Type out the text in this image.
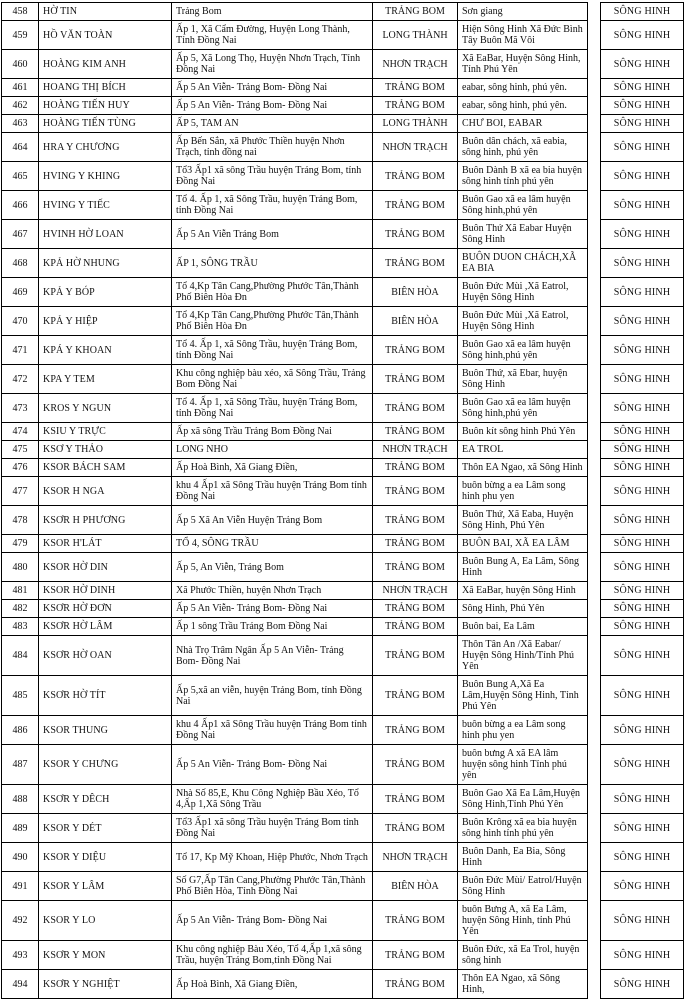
458	HỜ TIN	Trảng Bom	TRẢNG BOM	Sơn giang		SÔNG HINH
459	HỒ VĂN TOÀN	Ấp 1, Xã Cẩm Đường, Huyện Long Thành, Tỉnh Đồng Nai	LONG THÀNH	Hiện Sông Hinh Xã Đức Bình Tây Buôn Mã Vôi		SÔNG HINH
460	HOÀNG KIM ANH	Ấp 5, Xã Long Thọ, Huyện Nhơn Trạch, Tỉnh Đồng Nai	NHƠN TRẠCH	Xã EaBar, Huyện Sông Hinh, Tỉnh Phú Yên		SÔNG HINH
461	HOANG THỊ BÍCH	Ấp 5 An Viễn- Trảng Bom- Đồng Nai	TRẢNG BOM	eabar, sông hinh, phú yên.		SÔNG HINH
462	HOÀNG TIẾN HUY	Ấp 5 An Viễn- Trảng Bom- Đồng Nai	TRẢNG BOM	eabar, sông hinh, phú yên.		SÔNG HINH
463	HOÀNG TIẾN TÙNG	ẤP 5, TAM AN	LONG THÀNH	CHƯ BOI, EABAR		SÔNG HINH
464	HRA Y CHƯƠNG	Ấp Bến Sắn, xã Phước Thiền huyện Nhơn Trạch, tỉnh đồng nai	NHƠN TRẠCH	Buôn dân chách, xã eabia, sông hinh, phú yên		SÔNG HINH
465	HVING Y KHING	Tổ3 Ấp1 xã sông Trầu huyện Trảng Bom, tỉnh Đồng Nai	TRẢNG BOM	Buôn Dành B xã ea bia huyện sông hinh tỉnh phú yên		SÔNG HINH
466	HVING Y TIẾC	Tổ 4. Ấp 1, xã Sông Trầu, huyện Trảng Bom, tỉnh Đồng Nai	TRẢNG BOM	Buôn Gao xã ea lâm huyện Sông hinh,phú yên		SÔNG HINH
467	HVINH HỜ LOAN	Ấp 5 An Viễn Trảng Bom	TRẢNG BOM	Buôn Thứ Xã Eabar Huyện Sông Hinh		SÔNG HINH
468	KPẢ HỜ NHUNG	ẤP 1, SÔNG TRẦU	TRẢNG BOM	BUÔN DUON CHÁCH,XÃ EA BIA		SÔNG HINH
469	KPẢ Y BÓP	Tổ 4,Kp Tân Cang,Phường Phước Tân,Thành Phố Biên Hòa Đn	BIÊN HÒA	Buôn Đức Mùi ,Xã Eatrol, Huyện Sông Hinh		SÔNG HINH
470	KPẢ Y HIỆP	Tổ 4,Kp Tân Cang,Phường Phước Tân,Thành Phố Biên Hòa Đn	BIÊN HÒA	Buôn Đức Mùi ,Xã Eatrol, Huyện Sông Hinh		SÔNG HINH
471	KPÁ Y KHOAN	Tổ 4. Ấp 1, xã Sông Trầu, huyện Trảng Bom, tỉnh Đồng Nai	TRẢNG BOM	Buôn Gao xã ea lâm huyện Sông hinh,phú yên		SÔNG HINH
472	KPA Y TEM	Khu công nghiệp bàu xéo, xã Sông Trầu, Trảng Bom Đồng Nai	TRẢNG BOM	Buôn Thứ, xã Ebar, huyện Sông Hinh		SÔNG HINH
473	KROS Y NGUN	Tổ 4. Ấp 1, xã Sông Trầu, huyện Trảng Bom, tỉnh Đồng Nai	TRẢNG BOM	Buôn Gao xã ea lâm huyện Sông hinh,phú yên		SÔNG HINH
474	KSIU Y TRỰC	Ấp xã sông Trầu Trảng Bom Đồng Nai	TRẢNG BOM	Buôn kít sông hinh Phú Yên		SÔNG HINH
475	KSƠ Y THẢO	LONG NHO	NHƠN TRẠCH	EA TROL		SÔNG HINH
476	KSOR BÁCH SAM	Ấp Hoà Bình, Xã Giang Điền,	TRẢNG BOM	Thôn EA Ngao, xã Sông Hinh		SÔNG HINH
477	KSOR H NGA	khu 4 Ấp1 xã Sông Trầu huyện Trảng Bom tỉnh Đồng Nai	TRẢNG BOM	buôn bừng a ea Lâm song hinh phu yen		SÔNG HINH
478	KSƠR H PHƯƠNG	Ấp 5 Xã An Viễn Huyện Trảng Bom	TRẢNG BOM	Buôn Thứ, Xã Eaba, Huyện Sông Hinh, Phú Yên		SÔNG HINH
479	KSOR H'LÁT	TỔ 4, SÔNG TRẦU	TRẢNG BOM	BUÔN BAI, XÃ EA LÂM		SÔNG HINH
480	KSOR HỜ DIN	Ấp 5, An Viễn, Trảng Bom	TRẢNG BOM	Buôn Bung A, Ea Lâm, Sông Hinh		SÔNG HINH
481	KSOR HỜ DINH	Xã Phước Thiền, huyện Nhơn Trạch	NHƠN TRẠCH	Xã EaBar, huyện Sông Hinh		SÔNG HINH
482	KSƠR HỜ ĐƠN	Ấp 5 An Viễn- Trảng Bom- Đồng Nai	TRẢNG BOM	Sông Hinh, Phú Yên		SÔNG HINH
483	KSƠR HỜ LÂM	Ấp 1 sông Trầu Trảng Bom Đồng Nai	TRẢNG BOM	Buôn bai, Ea Lâm		SÔNG HINH
484	KSƠR HỜ OAN	Nhà Trọ Trâm Ngân Ấp 5 An Viễn- Trảng Bom- Đồng Nai	TRẢNG BOM	Thôn Tân An /Xã Eabar/ Huyện Sông Hinh/Tỉnh Phú Yên		SÔNG HINH
485	KSƠR HỜ TÍT	Ấp 5,xã an viễn, huyện Trảng Bom, tỉnh Đồng Nai	TRẢNG BOM	Buôn Bung A,Xã Ea Lâm,Huyện Sông Hinh, Tỉnh Phú Yên		SÔNG HINH
486	KSOR THUNG	khu 4 Ấp1 xã Sông Trầu huyện Trảng Bom tỉnh Đồng Nai	TRẢNG BOM	buôn bừng a ea Lâm song hinh phu yen		SÔNG HINH
487	KSOR Y CHƯNG	Ấp 5 An Viễn- Trảng Bom- Đồng Nai	TRẢNG BOM	buôn bưng A xã EA lâm huyện sông hinh Tỉnh phú yên		SÔNG HINH
488	KSƠR Y DÊCH	Nhà Số 85,E, Khu Công Nghiệp Bầu Xéo, Tổ 4,Ấp 1,Xã Sông Trầu	TRẢNG BOM	Buôn Gao Xã Ea Lâm,Huyện Sông Hinh,Tỉnh Phú Yên		SÔNG HINH
489	KSOR Y DÉT	Tổ3 Ấp1 xã sông Trầu huyện Trảng Bom tỉnh Đồng Nai	TRẢNG BOM	Buôn Krông xã ea bia huyện sông hinh tỉnh phú yên		SÔNG HINH
490	KSOR Y DIỆU	Tổ 17, Kp Mỹ Khoan, Hiệp Phước, Nhơn Trạch	NHƠN TRẠCH	Buôn Danh, Ea Bia, Sông Hinh		SÔNG HINH
491	KSOR Y LÂM	Số G7,Ấp Tân Cang,Phường Phước Tân,Thành Phố Biên Hòa, Tỉnh Đồng Nai	BIÊN HÒA	Buôn Đức Mùi/ Eatrol/Huyện Sông Hinh		SÔNG HINH
492	KSOR Y LO	Ấp 5 An Viễn- Trảng Bom- Đồng Nai	TRẢNG BOM	buôn Bưng A, xã Ea Lâm, huyện Sông Hinh, tỉnh Phú Yên		SÔNG HINH
493	KSƠR Y MON	Khu công nghiệp Bàu Xéo, Tổ 4,Ấp 1,xã sông Trầu, huyện Trảng Bom,tỉnh Đồng Nai	TRẢNG BOM	Buôn Đức, xã Ea Trol, huyện sông hinh		SÔNG HINH
494	KSƠR Y NGHIỆT	Ấp Hoà Bình, Xã Giang Điền,	TRẢNG BOM	Thôn EA Ngao, xã Sông Hinh,		SÔNG HINH
